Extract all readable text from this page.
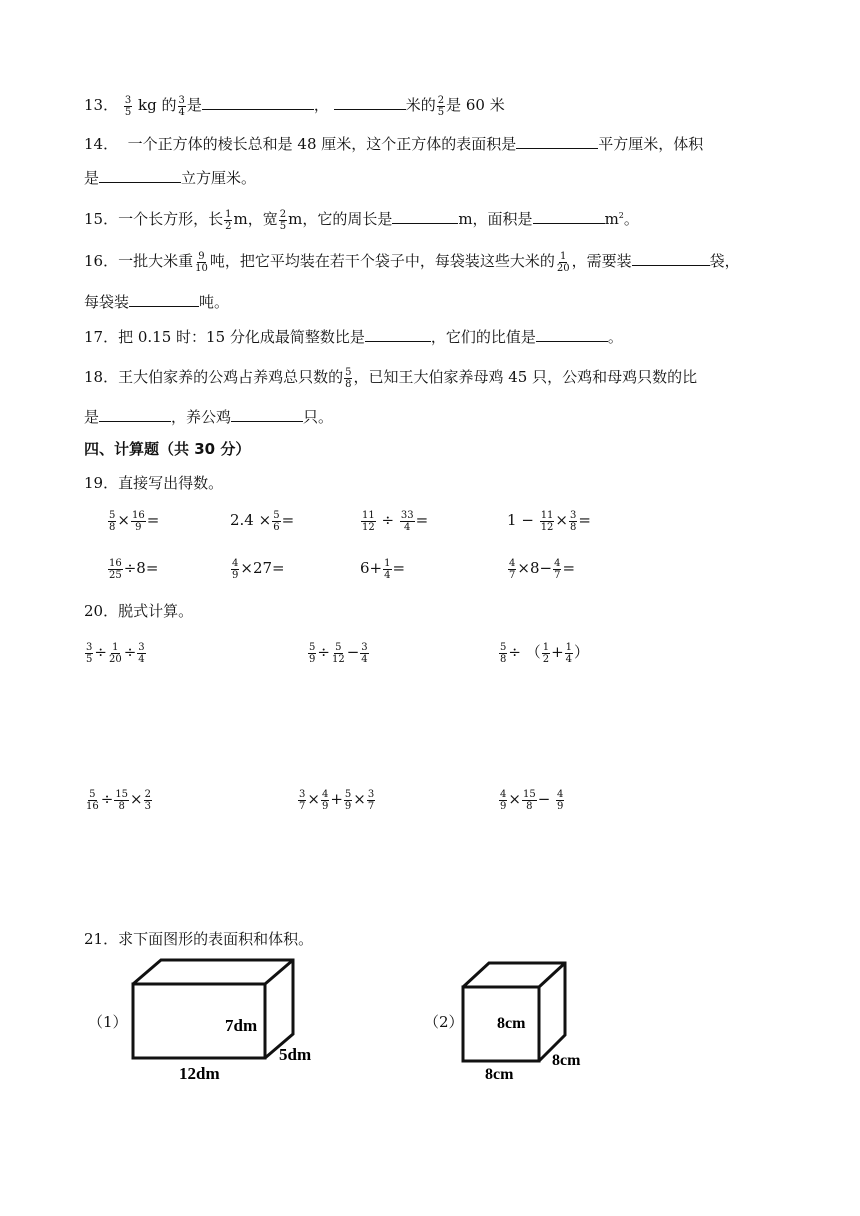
13． $\frac{3}{5}$ kg 的 $\frac{3}{4}$ 是	，	米的 $\frac{2}{5}$ 是 60 米
14． 一个正方体的棱长总和是 48 厘米，这个正方体的表面积是	平方厘米，体积
是	立方厘米。
15．一个长方形，长 $\frac{1}{2}$ m，宽 $\frac{2}{5}$ m，它的周长是	m，面积是	$m^2$。
16．一批大米重 $\frac{9}{10}$ 吨，把它平均装在若干个袋子中，每袋装这些大米的 $\frac{1}{20}$ ，需要装	袋，
每袋装	吨。
17．把 0.15 时：15 分化成最简整数比是	，它们的比值是	。
18．王大伯家养的公鸡占养鸡总只数的 $\frac{5}{8}$ ，已知王大伯家养母鸡 45 只，公鸡和母鸡只数的比
是	，养公鸡	只。
四、计算题（共 30 分）
19．直接写出得数。
$\frac{5}{8} \times \frac{16}{9}$ =	$2.4 \times \frac{5}{6}$ =	$\frac{11}{12} \div \frac{33}{4}$ =	$1 - \frac{11}{12} \times \frac{3}{8}$ =
$\frac{16}{25} \div 8=$	$\frac{4}{9} \times 27=$	$6+ \frac{1}{4}$ =	$\frac{4}{7} \times 8- \frac{4}{7}$ =
20．脱式计算。
$\frac{3}{5} \div \frac{1}{20} \div \frac{3}{4}$	$\frac{5}{9} \div \frac{5}{12} - \frac{3}{4}$	$\frac{5}{8}$ ÷ （ $\frac{1}{2} + \frac{1}{4}$ ）
$\frac{5}{16} \div \frac{15}{8} \times \frac{2}{3}$	$\frac{3}{7} \times \frac{4}{9} + \frac{5}{9} \times \frac{3}{7}$	$\frac{4}{9} \times \frac{15}{8} - \frac{4}{9}$
21．求下面图形的表面积和体积。
（1）	7dm
5dm
12dm
（2） 8cm
8cm
8cm
